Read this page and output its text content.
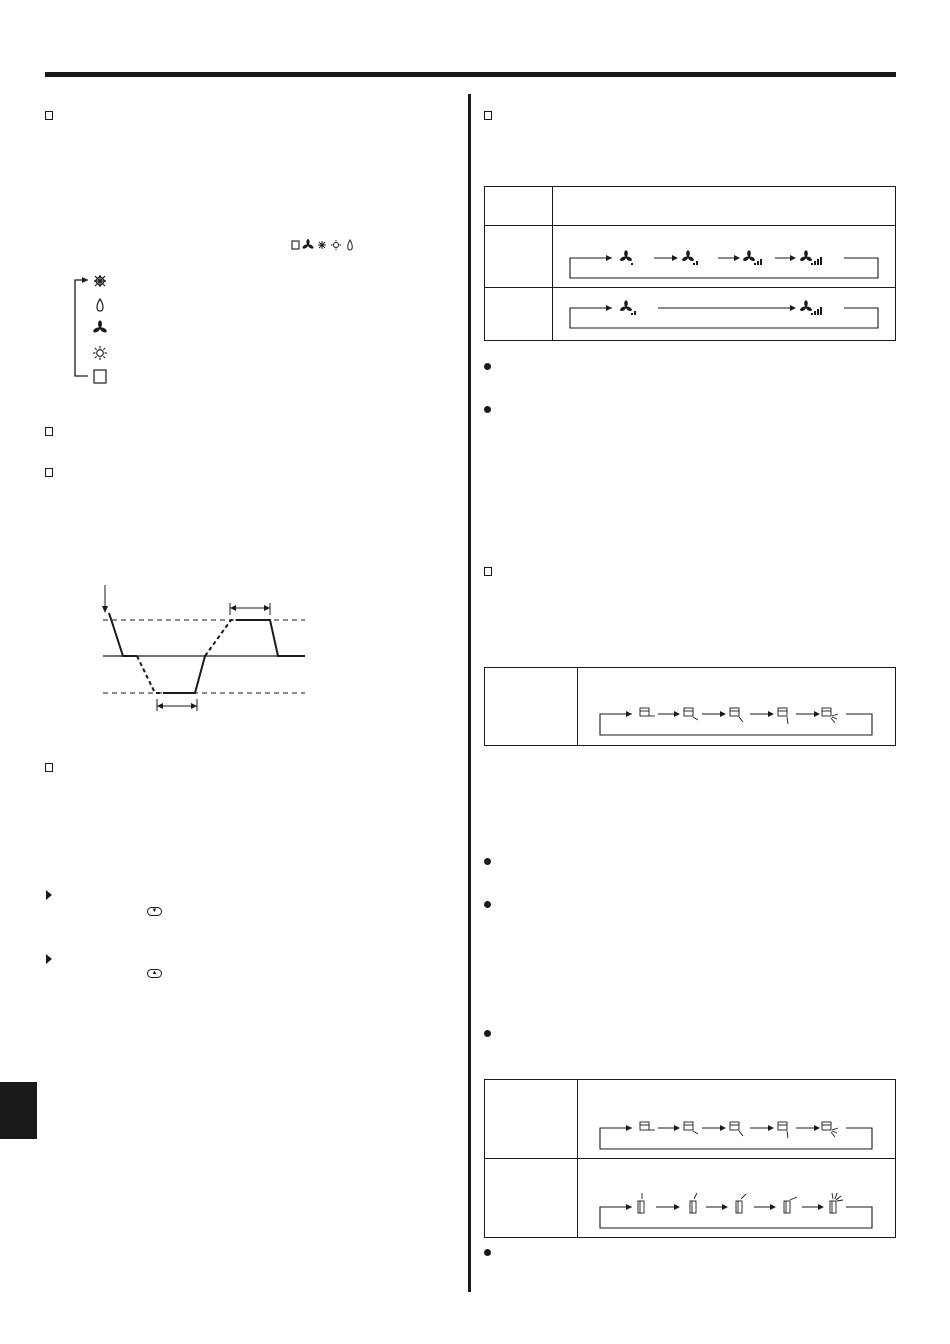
▼
▲
